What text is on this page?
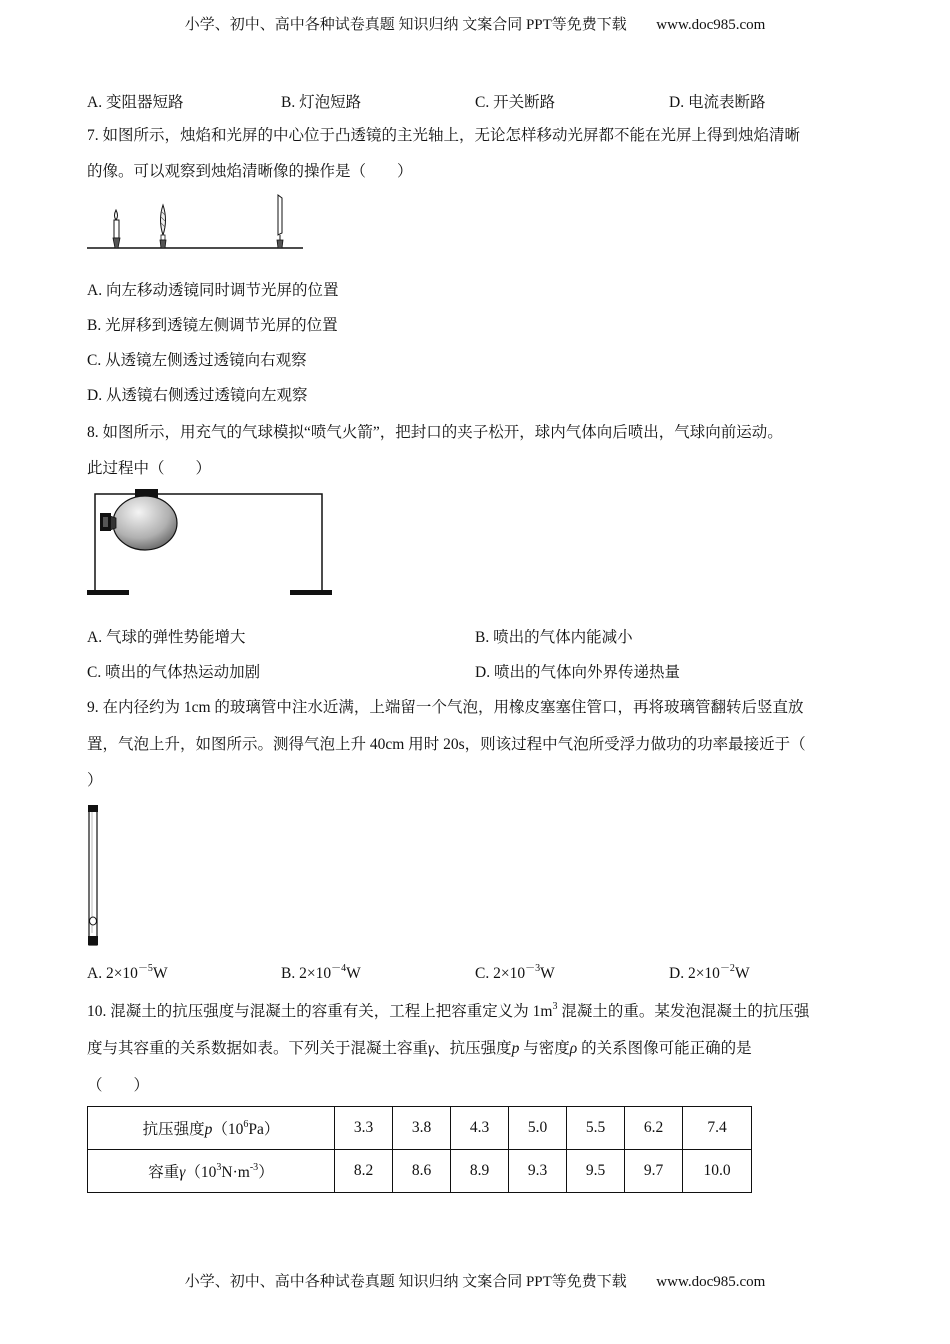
小学、初中、高中各种试卷真题 知识归纳 文案合同 PPT等免费下载 www.doc985.com
A. 变阻器短路	B. 灯泡短路	C. 开关断路	D. 电流表断路
7. 如图所示，烛焰和光屏的中心位于凸透镜的主光轴上，无论怎样移动光屏都不能在光屏上得到烛焰清晰
的像。可以观察到烛焰清晰像的操作是（　　）
A. 向左移动透镜同时调节光屏的位置
B. 光屏移到透镜左侧调节光屏的位置
C. 从透镜左侧透过透镜向右观察
D. 从透镜右侧透过透镜向左观察
8. 如图所示，用充气的气球模拟“喷气火箭”，把封口的夹子松开，球内气体向后喷出，气球向前运动。
此过程中（　　）
A. 气球的弹性势能增大	B. 喷出的气体内能减小
C. 喷出的气体热运动加剧	D. 喷出的气体向外界传递热量
9. 在内径约为 1cm 的玻璃管中注水近满，上端留一个气泡，用橡皮塞塞住管口，再将玻璃管翻转后竖直放
置，气泡上升，如图所示。测得气泡上升 40cm 用时 20s，则该过程中气泡所受浮力做功的功率最接近于（
）
A. $2\times 10^{-5}W$	B. $2\times 10^{-4}W$	C. $2\times 10^{-3}W$	D. $2\times 10^{-2}W$
10. 混凝土的抗压强度与混凝土的容重有关，工程上把容重定义为 $1m^3$ 混凝土的重。某发泡混凝土的抗压强
度与其容重的关系数据如表。下列关于混凝土容重γ、抗压强度p 与密度ρ 的关系图像可能正确的是
（　　）
抗压强度$p(10^6Pa)$	3.3	3.8	4.3	5.0	5.5	6.2	7.4
容重$\gamma(10^3N\cdot m^{-3})$	8.2	8.6	8.9	9.3	9.5	9.7	10.0
小学、初中、高中各种试卷真题 知识归纳 文案合同 PPT等免费下载 www.doc985.com
